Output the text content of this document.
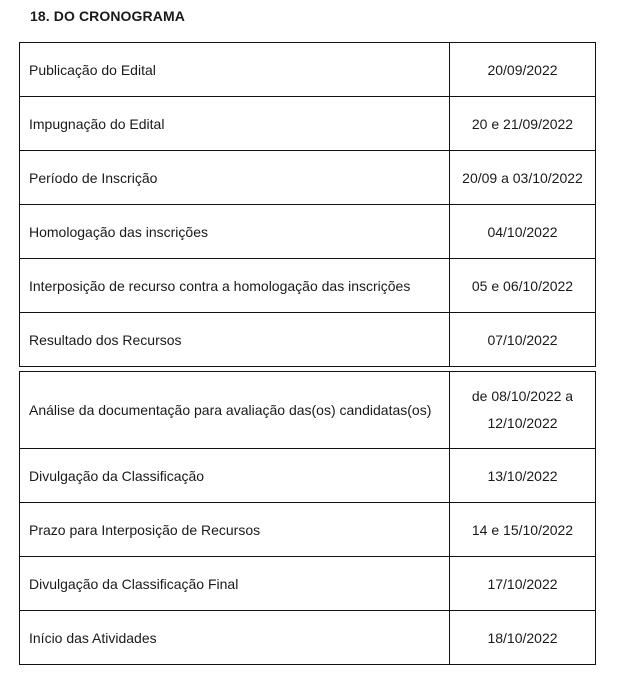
18. DO CRONOGRAMA
Publicação do Edital	20/09/2022
Impugnação do Edital	20 e 21/09/2022
Período de Inscrição	20/09 a 03/10/2022
Homologação das inscrições	04/10/2022
Interposição de recurso contra a homologação das inscrições	05 e 06/10/2022
Resultado dos Recursos	07/10/2022
Análise da documentação para avaliação das(os) candidatas(os)	de 08/10/2022 a
12/10/2022

Divulgação da Classificação	13/10/2022
Prazo para Interposição de Recursos	14 e 15/10/2022
Divulgação da Classificação Final	17/10/2022
Início das Atividades	18/10/2022
